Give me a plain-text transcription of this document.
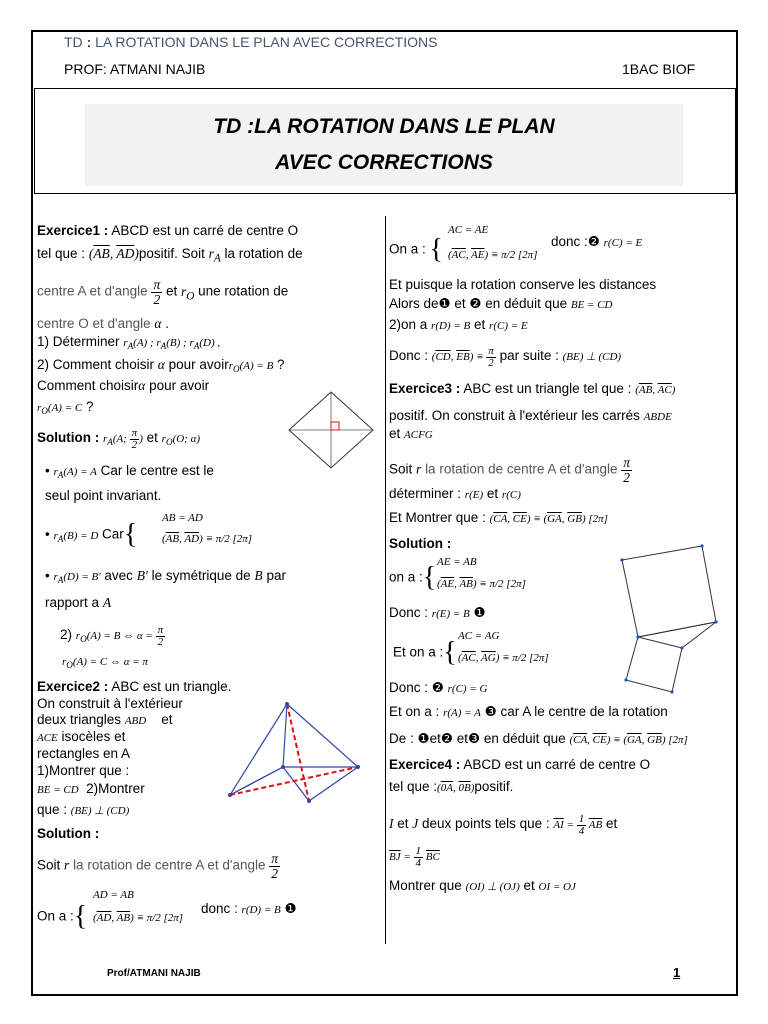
TD : LA ROTATION DANS LE PLAN AVEC CORRECTIONS
PROF: ATMANI NAJIB	1BAC BIOF
TD :LA ROTATION DANS LE PLAN
AVEC CORRECTIONS
Exercice1 : ABCD est un carré de centre O
tel que : ($\overline{AB}$, $\overline{AD})positif$. Soit $r_A$ la rotation de
centre A et d'angle $\frac{\pi}{2}$ et $r_O$ une rotation de
centre O et d'angle α .
1) Déterminer $r_A(A)$ ; $r_A(B)$ ; $r_A(D)$ ,
2) Comment choisir α pour avoirr$_O$(A) = B ?
Comment choisirα pour avoir
$r_O(A) = C$ ?
Solution : $r_A(A$; $\frac{\pi}{2}$ ) et $r_O(O$; α)
• $r_A(A) = A$ Car le centre est le
seul point invariant.
• $r_A(B) = D$ Car{
AB = AD
($\overline{AB}$, $\overline{AD}) \equiv \pi/2$ [2π]
• $r_A(D) = B'$ avec B' le symétrique de B par
rapport a A
2) $r_O(A) = B$ ⇔ $\alpha = \frac{\pi}{2}$
$r_O(A) = C$ ⇔ α = π
Exercice2 : ABC est un triangle.
On construit à l'extérieur
deux triangles ABD et
ACE isocèles et
rectangles en A
1)Montrer que :
BE = CD 2)Montrer
que : (BE) ⊥ (CD)
Solution :
Soit r la rotation de centre A et d'angle $\frac{\pi}{2}$
On a :{
AD = AB
($\overline{AD}$, $\overline{AB}) \equiv \pi/2$ [2π]
donc : r(D) = B ❶
On a : {
AC = AE
($\overline{AC}$, $\overline{AE}) \equiv \pi/2$ [2π]
donc :❷ r(C) = E
Et puisque la rotation conserve les distances
Alors de❶ et ❷ en déduit que BE = CD
2)on a r(D) = B et r(C) = E
Donc : ($\overline{CD}$, $\overline{EB}) \equiv \frac{\pi}{2}$ par suite : (BE) ⊥ (CD)
Exercice3 : ABC est un triangle tel que : ($\overline{AB}$, $\overline{AC}$)
positif. On construit à l'extérieur les carrés ABDE
et ACFG
Soit r la rotation de centre A et d'angle $\frac{\pi}{2}$
déterminer : r(E) et r(C)
Et Montrer que : ($\overline{CA}$, $\overline{CE}) \equiv (\overline{GA}$, $\overline{GB}$) [2π]
Solution :
on a :{ AE = AB
($\overline{AE}$, $\overline{AB}) \equiv \pi/2$ [2π]
Donc : r(E) = B ❶
Et on a :{
AC = AG
($\overline{AC}$, $\overline{AG}) \equiv \pi/2$ [2π]
Donc : ❷ r(C) = G
Et on a : r(A) = A ❸ car A le centre de la rotation
De : ❶et❷ et❸ en déduit que ($\overline{CA}$, $\overline{CE}) \equiv (\overline{GA}$, $\overline{GB}$) [2π]
Exercice4 : ABCD est un carré de centre O
tel que :(0A, 0B)positif.
I et J deux points tels que : $\overline{AI} = \frac{1}{4} \overline{AB}$ et
$\overline{BJ} = \frac{1}{4} \overline{BC}$
Montrer que (OI) ⊥ (OJ) et OI = OJ
Prof/ATMANI NAJIB	1
